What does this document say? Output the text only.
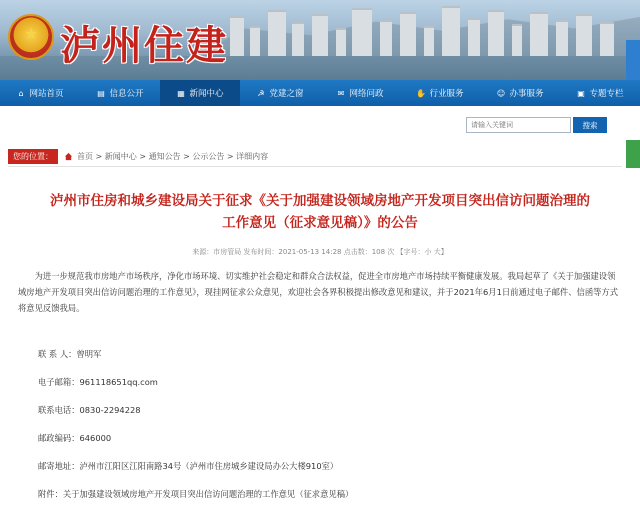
★ 泸州住建
⌂ 网站首页	▤ 信息公开	▦ 新闻中心	☭ 党建之窗	✉ 网络问政	✋ 行业服务	☺ 办事服务	▣ 专题专栏
请输入关键词
搜索
您的位置：	首页 > 新闻中心 > 通知公告 > 公示公告 > 详细内容
泸州市住房和城乡建设局关于征求《关于加强建设领域房地产开发项目突出信访问题治理的
工作意见（征求意见稿）》的公告
来源：市房管局 发布时间：2021-05-13 14:28 点击数：108 次 【字号：小 大】

为进一步规范我市房地产市场秩序，净化市场环境、切实维护社会稳定和群众合法权益，促进全市房地产市场持续平衡健康发展。我局起草了《关于加强建设领域房地产开发项目突出信访问题治理的工作意见》，现挂网征求公众意见，欢迎社会各界积极提出修改意见和建议，并于2021年6月1日前通过电子邮件、信函等方式将意见反馈我局。

联 系 人：曾明军
电子邮箱：961118651qq.com
联系电话：0830-2294228
邮政编码：646000
邮寄地址：泸州市江阳区江阳南路34号（泸州市住房城乡建设局办公大楼910室）
附件：关于加强建设领域房地产开发项目突出信访问题治理的工作意见（征求意见稿）
